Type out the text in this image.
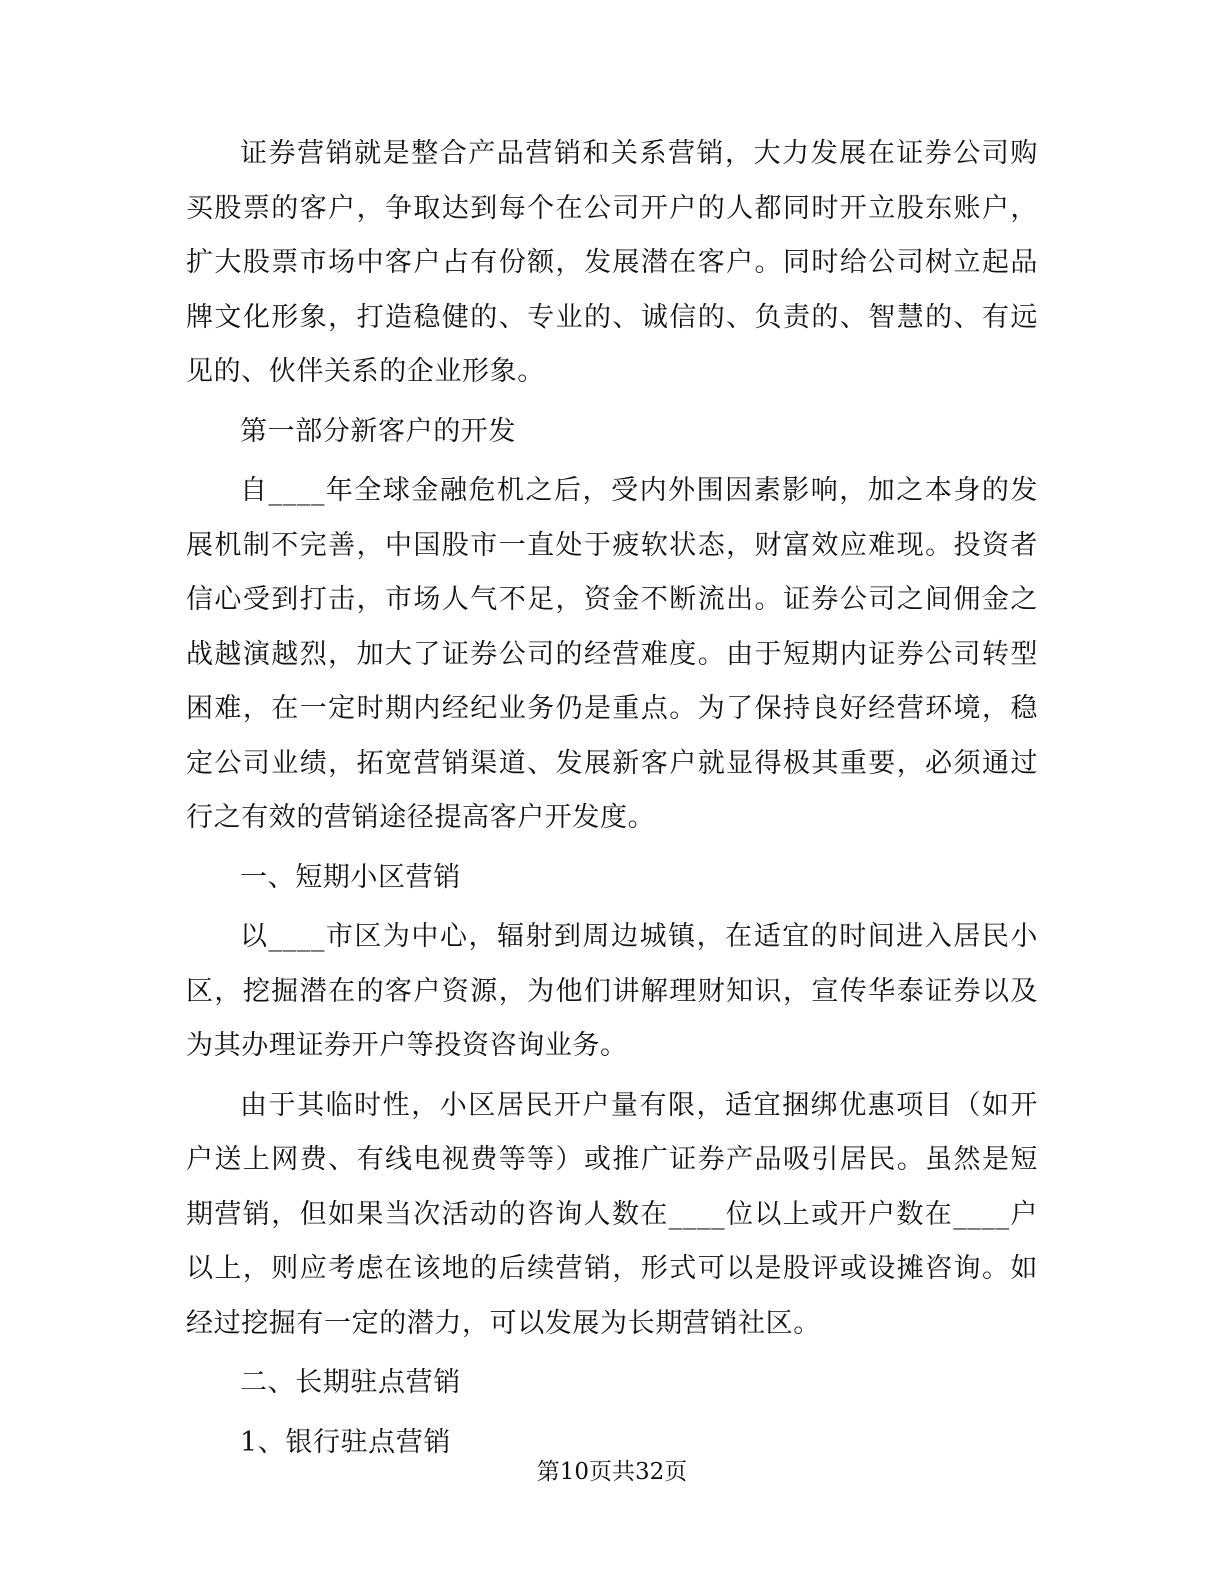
证券营销就是整合产品营销和关系营销，大力发展在证券公司购买股票的客户，争取达到每个在公司开户的人都同时开立股东账户，扩大股票市场中客户占有份额，发展潜在客户。同时给公司树立起品牌文化形象，打造稳健的、专业的、诚信的、负责的、智慧的、有远见的、伙伴关系的企业形象。

第一部分新客户的开发

自____年全球金融危机之后，受内外围因素影响，加之本身的发展机制不完善，中国股市一直处于疲软状态，财富效应难现。投资者信心受到打击，市场人气不足，资金不断流出。证券公司之间佣金之战越演越烈，加大了证券公司的经营难度。由于短期内证券公司转型困难，在一定时期内经纪业务仍是重点。为了保持良好经营环境，稳定公司业绩，拓宽营销渠道、发展新客户就显得极其重要，必须通过行之有效的营销途径提高客户开发度。

一、短期小区营销

以____市区为中心，辐射到周边城镇，在适宜的时间进入居民小区，挖掘潜在的客户资源，为他们讲解理财知识，宣传华泰证券以及为其办理证券开户等投资咨询业务。

由于其临时性，小区居民开户量有限，适宜捆绑优惠项目（如开户送上网费、有线电视费等等）或推广证券产品吸引居民。虽然是短期营销，但如果当次活动的咨询人数在____位以上或开户数在____户以上，则应考虑在该地的后续营销，形式可以是股评或设摊咨询。如经过挖掘有一定的潜力，可以发展为长期营销社区。

二、长期驻点营销

1、银行驻点营销

第10页共32页
